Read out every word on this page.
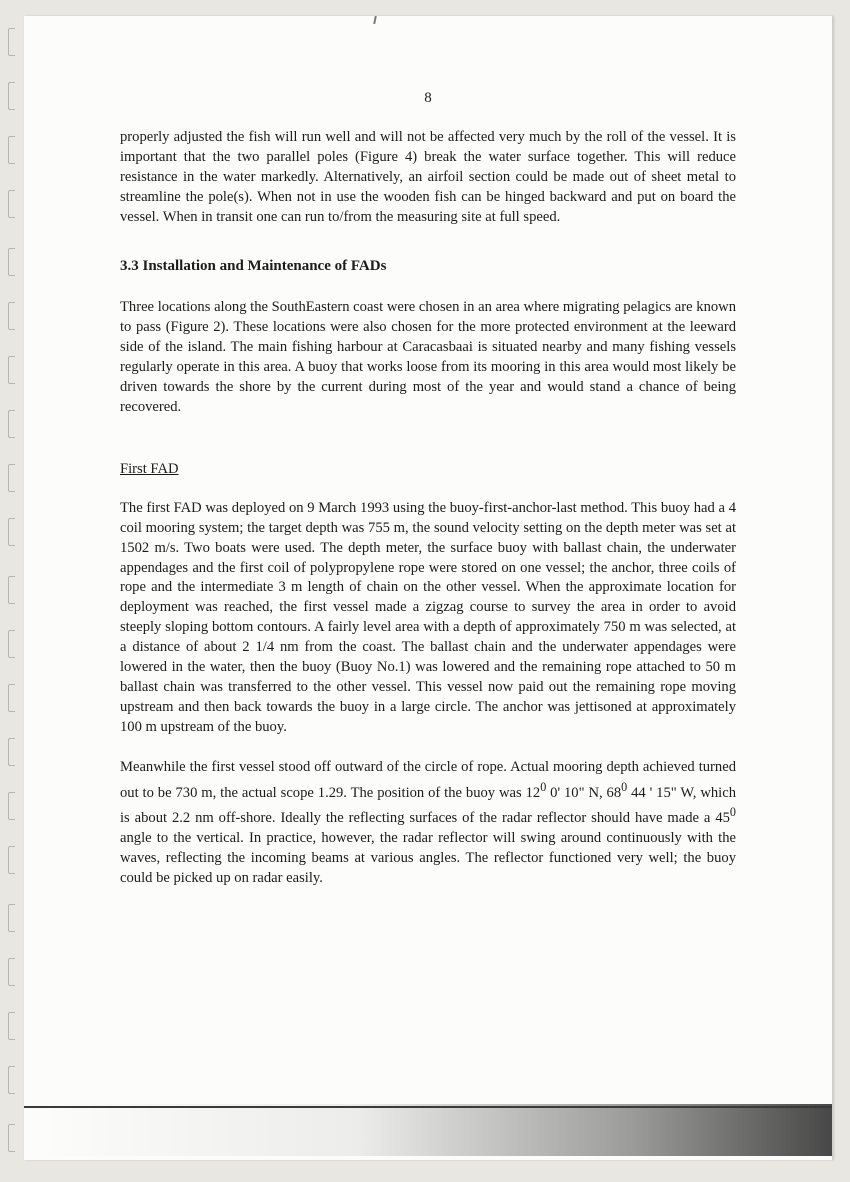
8

properly adjusted the fish will run well and will not be affected very much by the roll of the vessel. It is important that the two parallel poles (Figure 4) break the water surface together. This will reduce resistance in the water markedly. Alternatively, an airfoil section could be made out of sheet metal to streamline the pole(s). When not in use the wooden fish can be hinged backward and put on board the vessel. When in transit one can run to/from the measuring site at full speed.

3.3 Installation and Maintenance of FADs

Three locations along the SouthEastern coast were chosen in an area where migrating pelagics are known to pass (Figure 2). These locations were also chosen for the more protected environment at the leeward side of the island. The main fishing harbour at Caracasbaai is situated nearby and many fishing vessels regularly operate in this area. A buoy that works loose from its mooring in this area would most likely be driven towards the shore by the current during most of the year and would stand a chance of being recovered.

First FAD

The first FAD was deployed on 9 March 1993 using the buoy-first-anchor-last method. This buoy had a 4 coil mooring system; the target depth was 755 m, the sound velocity setting on the depth meter was set at 1502 m/s. Two boats were used. The depth meter, the surface buoy with ballast chain, the underwater appendages and the first coil of polypropylene rope were stored on one vessel; the anchor, three coils of rope and the intermediate 3 m length of chain on the other vessel. When the approximate location for deployment was reached, the first vessel made a zigzag course to survey the area in order to avoid steeply sloping bottom contours. A fairly level area with a depth of approximately 750 m was selected, at a distance of about 2 1/4 nm from the coast. The ballast chain and the underwater appendages were lowered in the water, then the buoy (Buoy No.1) was lowered and the remaining rope attached to 50 m ballast chain was transferred to the other vessel. This vessel now paid out the remaining rope moving upstream and then back towards the buoy in a large circle. The anchor was jettisoned at approximately 100 m upstream of the buoy.

Meanwhile the first vessel stood off outward of the circle of rope. Actual mooring depth achieved turned out to be 730 m, the actual scope 1.29. The position of the buoy was $12^0$ 0' 10" N, $68^0$ 44 ' 15" W, which is about 2.2 nm off-shore. Ideally the reflecting surfaces of the radar reflector should have made a $45^0$ angle to the vertical. In practice, however, the radar reflector will swing around continuously with the waves, reflecting the incoming beams at various angles. The reflector functioned very well; the buoy could be picked up on radar easily.
